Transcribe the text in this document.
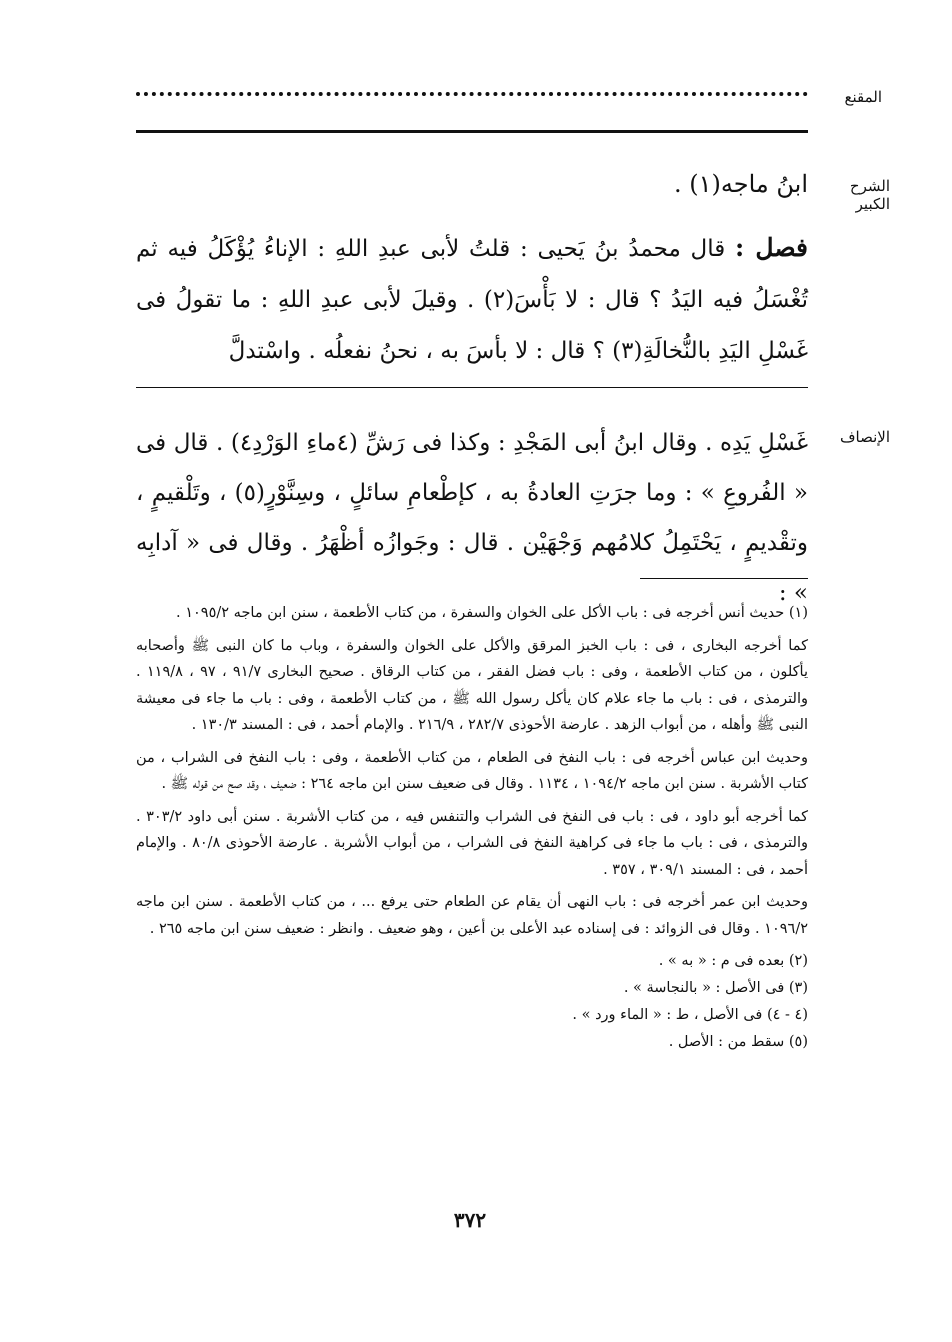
المقنع
الشرح الكبير
الإنصاف
ابنُ ماجه(١) .
فصل : قال محمدُ بنُ يَحيى : قلتُ لأبى عبدِ اللهِ : الإناءُ يُؤْكَلُ فيه ثم تُغْسَلُ فيه اليَدُ ؟ قال : لا بَأْسَ(٢) . وقيلَ لأبى عبدِ اللهِ : ما تقولُ فى غَسْلِ اليَدِ بالنُّخالَةِ(٣) ؟ قال : لا بأسَ به ، نحنُ نفعلُه . واسْتدلَّ
غَسْلِ يَدِه . وقال ابنُ أبى المَجْدِ : وكذا فى رَشِّ (٤ماءِ الوَرْدِ٤) . قال فى « الفُروعِ » : وما جرَتِ العادةُ به ، كإطْعامِ سائلٍ ، وسِنَّوْرٍ(٥) ، وتَلْقيمٍ ، وتقْديمٍ ، يَحْتَمِلُ كلامُهم وَجْهَيْن . قال : وجَوازُه أظْهَرُ . وقال فى « آدابِه » :

(١) حديث أنس أخرجه فى : باب الأكل على الخوان والسفرة ، من كتاب الأطعمة ، سنن ابن ماجه ١٠٩٥/٢ .

كما أخرجه البخارى ، فى : باب الخبز المرقق والأكل على الخوان والسفرة ، وباب ما كان النبى ﷺ وأصحابه يأكلون ، من كتاب الأطعمة ، وفى : باب فضل الفقر ، من كتاب الرقاق . صحيح البخارى ٩١/٧ ، ٩٧ ، ١١٩/٨ . والترمذى ، فى : باب ما جاء علام كان يأكل رسول الله ﷺ ، من كتاب الأطعمة ، وفى : باب ما جاء فى معيشة النبى ﷺ وأهله ، من أبواب الزهد . عارضة الأحوذى ٢٨٢/٧ ، ٢١٦/٩ . والإمام أحمد ، فى : المسند ١٣٠/٣ .

وحديث ابن عباس أخرجه فى : باب النفخ فى الطعام ، من كتاب الأطعمة ، وفى : باب النفخ فى الشراب ، من كتاب الأشربة . سنن ابن ماجه ١٠٩٤/٢ ، ١١٣٤ . وقال فى ضعيف سنن ابن ماجه ٢٦٤ : ضعيف ، وقد صح من قوله ﷺ .

كما أخرجه أبو داود ، فى : باب فى النفخ فى الشراب والتنفس فيه ، من كتاب الأشربة . سنن أبى داود ٣٠٣/٢ . والترمذى ، فى : باب ما جاء فى كراهية النفخ فى الشراب ، من أبواب الأشربة . عارضة الأحوذى ٨٠/٨ . والإمام أحمد ، فى : المسند ٣٠٩/١ ، ٣٥٧ .

وحديث ابن عمر أخرجه فى : باب النهى أن يقام عن الطعام حتى يرفع ... ، من كتاب الأطعمة . سنن ابن ماجه ١٠٩٦/٢ . وقال فى الزوائد : فى إسناده عبد الأعلى بن أعين ، وهو ضعيف . وانظر : ضعيف سنن ابن ماجه ٢٦٥ .

(٢) بعده فى م : « به » .

(٣) فى الأصل : « بالنجاسة » .

(٤ - ٤) فى الأصل ، ط : « الماء ورد » .

(٥) سقط من : الأصل .

٣٧٢
